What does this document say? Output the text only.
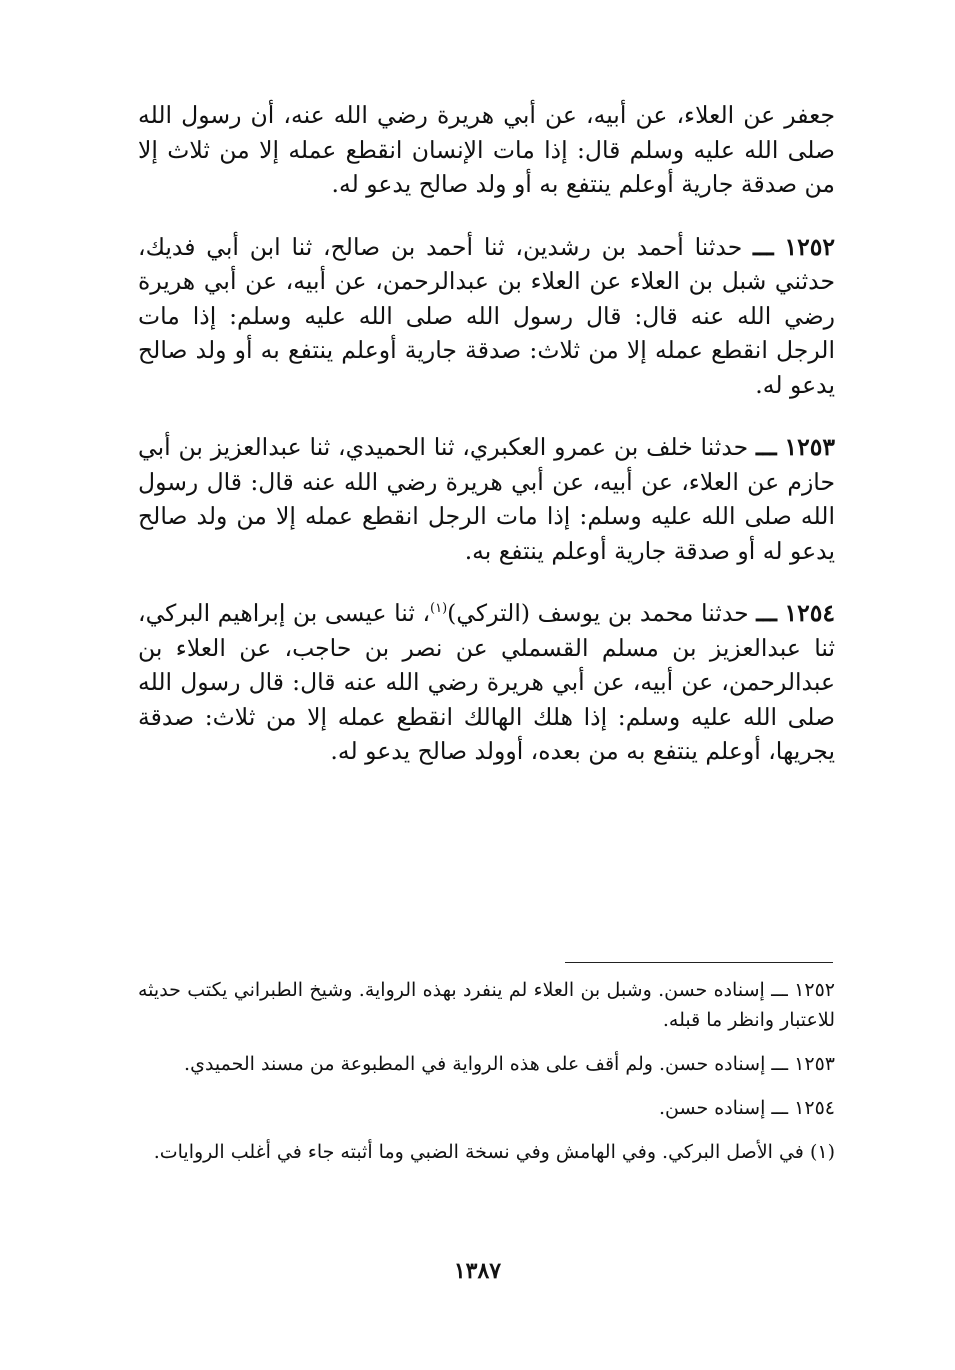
جعفر عن العلاء، عن أبيه، عن أبي هريرة رضي الله عنه، أن رسول الله صلى الله عليه وسلم قال: إذا مات الإنسان انقطع عمله إلا من ثلاث إلا من صدقة جارية أوعلم ينتفع به أو ولد صالح يدعو له.

١٢٥٢ ـــ حدثنا أحمد بن رشدين، ثنا أحمد بن صالح، ثنا ابن أبي فديك، حدثني شبل بن العلاء عن العلاء بن عبدالرحمن، عن أبيه، عن أبي هريرة رضي الله عنه قال: قال رسول الله صلى الله عليه وسلم: إذا مات الرجل انقطع عمله إلا من ثلاث: صدقة جارية أوعلم ينتفع به أو ولد صالح يدعو له.

١٢٥٣ ـــ حدثنا خلف بن عمرو العكبري، ثنا الحميدي، ثنا عبدالعزيز بن أبي حازم عن العلاء، عن أبيه، عن أبي هريرة رضي الله عنه قال: قال رسول الله صلى الله عليه وسلم: إذا مات الرجل انقطع عمله إلا من ولد صالح يدعو له أو صدقة جارية أوعلم ينتفع به.

١٢٥٤ ـــ حدثنا محمد بن يوسف (التركي)$^{(١)}$، ثنا عيسى بن إبراهيم البركي، ثنا عبدالعزيز بن مسلم القسملي عن نصر بن حاجب، عن العلاء بن عبدالرحمن، عن أبيه، عن أبي هريرة رضي الله عنه قال: قال رسول الله صلى الله عليه وسلم: إذا هلك الهالك انقطع عمله إلا من ثلاث: صدقة يجريها، أوعلم ينتفع به من بعده، أوولد صالح يدعو له.

١٢٥٢ ـــ إسناده حسن. وشبل بن العلاء لم ينفرد بهذه الرواية. وشيخ الطبراني يكتب حديثه للاعتبار وانظر ما قبله.

١٢٥٣ ـــ إسناده حسن. ولم أقف على هذه الرواية في المطبوعة من مسند الحميدي.

١٢٥٤ ـــ إسناده حسن.

(١) في الأصل البركي. وفي الهامش وفي نسخة الضبي وما أثبته جاء في أغلب الروايات.

١٣٨٧
